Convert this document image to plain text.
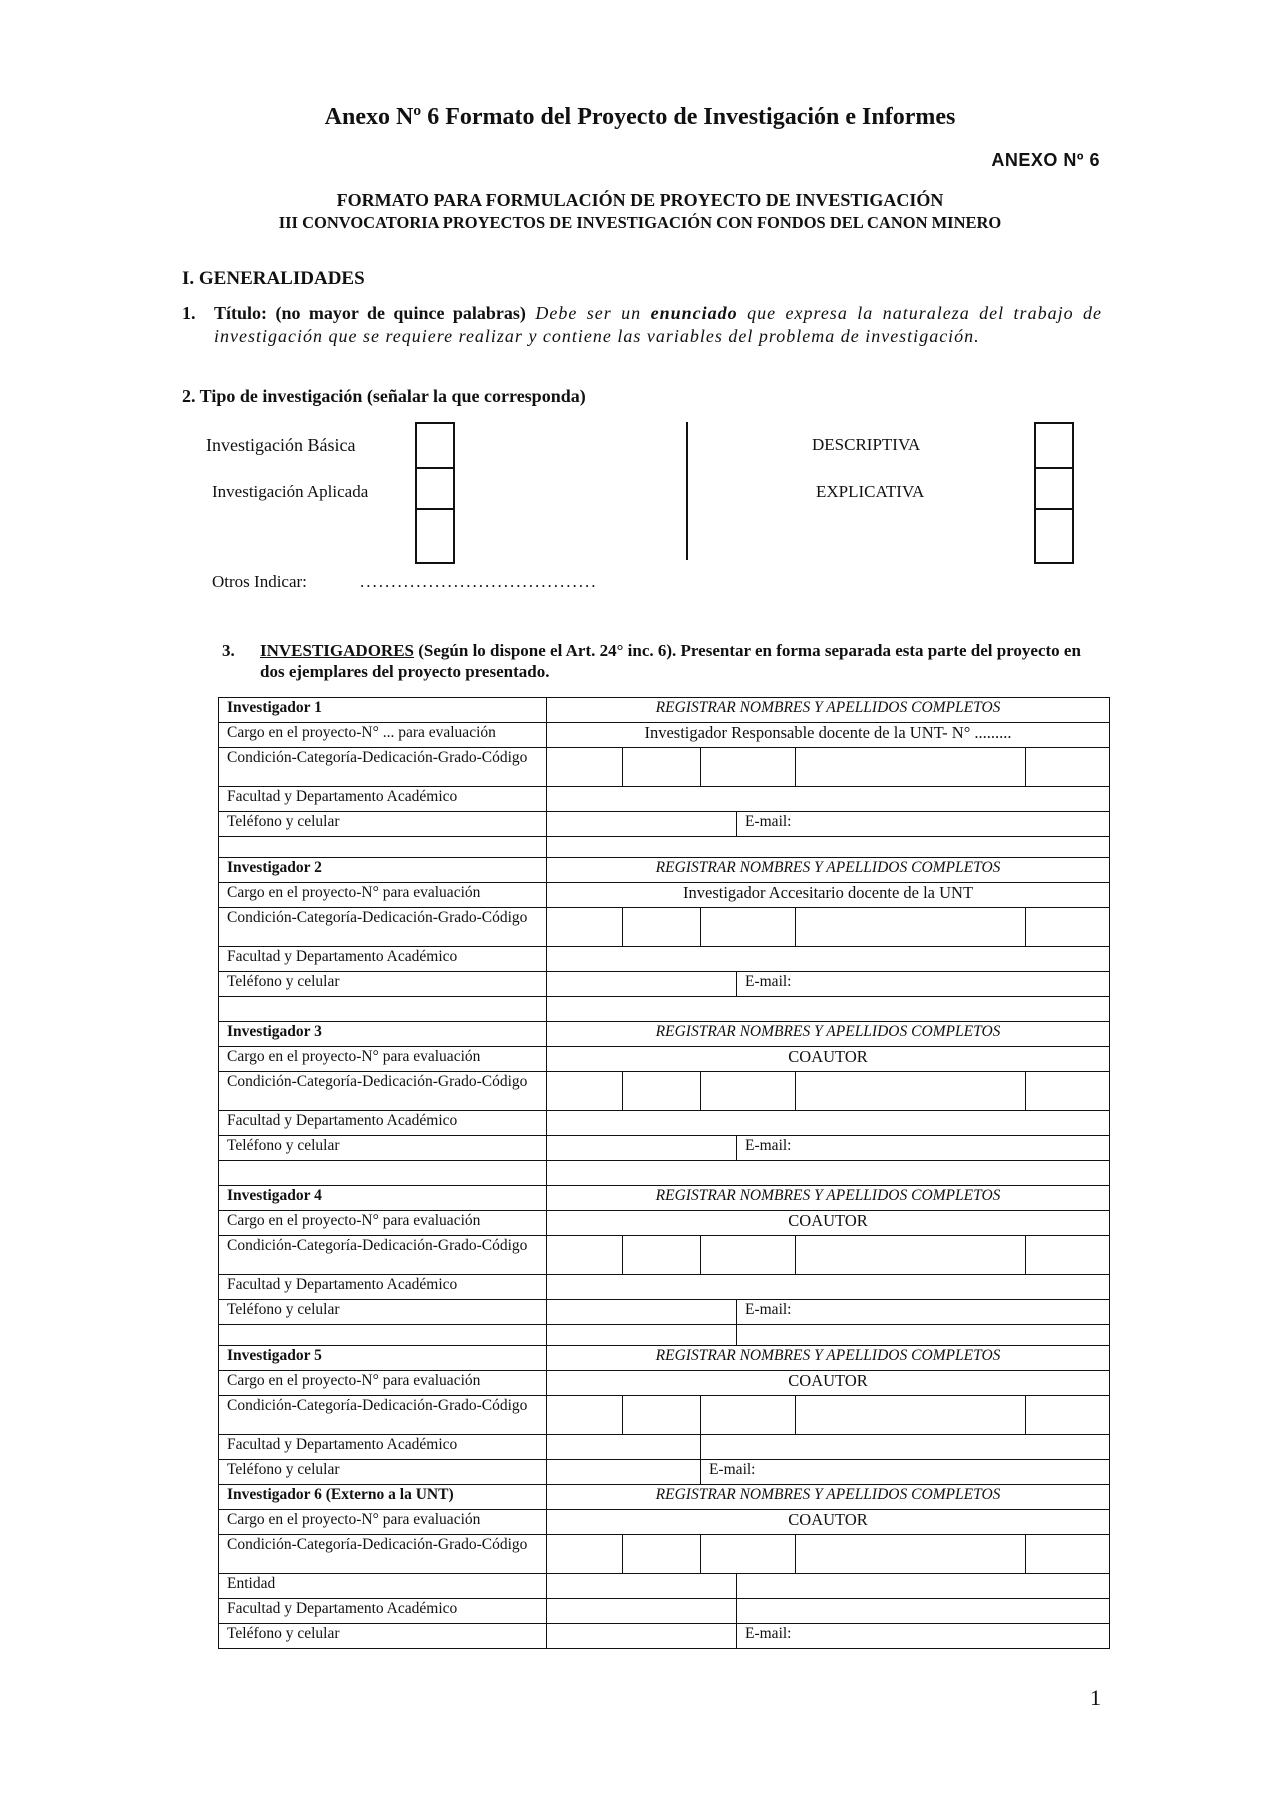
Anexo Nº 6 Formato del Proyecto de Investigación e Informes
ANEXO Nº 6
FORMATO PARA FORMULACIÓN DE PROYECTO DE INVESTIGACIÓN
III CONVOCATORIA PROYECTOS DE INVESTIGACIÓN CON FONDOS DEL CANON MINERO
I. GENERALIDADES
1. Título: (no mayor de quince palabras) Debe ser un enunciado que expresa la naturaleza del trabajo de investigación que se requiere realizar y contiene las variables del problema de investigación.
2. Tipo de investigación (señalar la que corresponda)
Investigación Básica
Investigación Aplicada
DESCRIPTIVA
EXPLICATIVA
Otros Indicar:	......................................
3. INVESTIGADORES (Según lo dispone el Art. 24° inc. 6). Presentar en forma separada esta parte del proyecto en dos ejemplares del proyecto presentado.
Investigador 1	REGISTRAR NOMBRES Y APELLIDOS COMPLETOS					
Cargo en el proyecto-N° ... para evaluación	Investigador Responsable docente de la UNT- N° .........					
Condición-Categoría-Dedicación-Grado-Código						
Facultad y Departamento Académico						
Teléfono y celular				E-mail:		

Investigador 2	REGISTRAR NOMBRES Y APELLIDOS COMPLETOS					
Cargo en el proyecto-N° para evaluación	Investigador Accesitario docente de la UNT					
Condición-Categoría-Dedicación-Grado-Código						
Facultad y Departamento Académico						
Teléfono y celular				E-mail:		

Investigador 3	REGISTRAR NOMBRES Y APELLIDOS COMPLETOS					
Cargo en el proyecto-N° para evaluación	COAUTOR					
Condición-Categoría-Dedicación-Grado-Código						
Facultad y Departamento Académico						
Teléfono y celular				E-mail:		

Investigador 4	REGISTRAR NOMBRES Y APELLIDOS COMPLETOS					
Cargo en el proyecto-N° para evaluación	COAUTOR					
Condición-Categoría-Dedicación-Grado-Código						
Facultad y Departamento Académico						
Teléfono y celular				E-mail:		

Investigador 5	REGISTRAR NOMBRES Y APELLIDOS COMPLETOS					
Cargo en el proyecto-N° para evaluación	COAUTOR					
Condición-Categoría-Dedicación-Grado-Código						
Facultad y Departamento Académico						
Teléfono y celular			E-mail:			
Investigador 6 (Externo a la UNT)	REGISTRAR NOMBRES Y APELLIDOS COMPLETOS					
Cargo en el proyecto-N° para evaluación	COAUTOR					
Condición-Categoría-Dedicación-Grado-Código						
Entidad						
Facultad y Departamento Académico						
Teléfono y celular				E-mail:		
1
